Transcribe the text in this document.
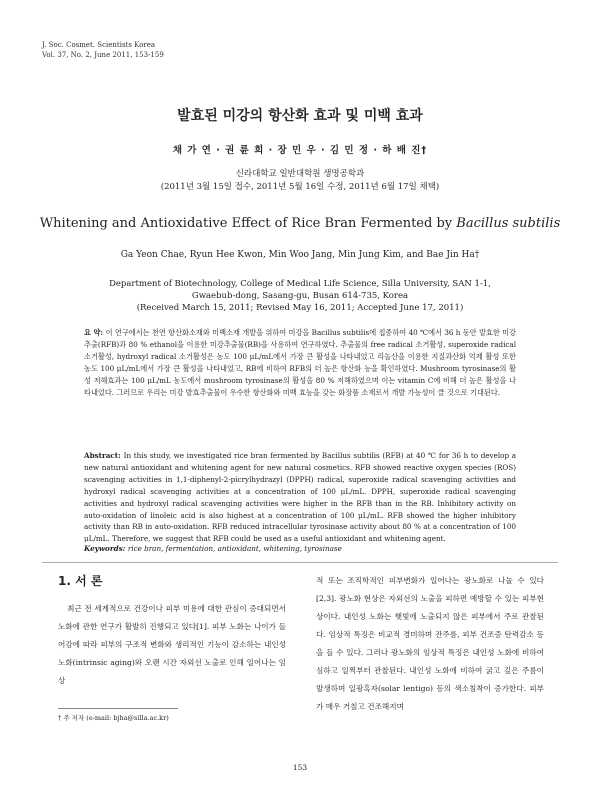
J. Soc. Cosmet. Scientists Korea
Vol. 37, No. 2, June 2011, 153-159
발효된 미강의 항산화 효과 및 미백 효과
채 가 연 · 권 륜 희 · 장 민 우 · 김 민 정 · 하 배 진†
신라대학교 일반대학원 생명공학과
(2011년 3월 15일 접수, 2011년 5월 16일 수정, 2011년 6월 17일 채택)
Whitening and Antioxidative Effect of Rice Bran Fermented by Bacillus subtilis
Ga Yeon Chae, Ryun Hee Kwon, Min Woo Jang, Min Jung Kim, and Bae Jin Ha†
Department of Biotechnology, College of Medical Life Science, Silla University, SAN 1-1,
Gwaebub-dong, Sasang-gu, Busan 614-735, Korea
(Received March 15, 2011; Revised May 16, 2011; Accepted June 17, 2011)
요 약: 이 연구에서는 천연 항산화소재와 미백소재 개발을 위하여 미강을 Bacillus subtilis에 접종하여 40 ℃에서 36 h 동안 발효한 미강추출(RFB)과 80 % ethanol을 이용한 미강추출물(RB)을 사용하여 연구하였다. 추출물의 free radical 소거활성, superoxide radical 소거활성, hydroxyl radical 소거활성은 농도 100 μL/mL에서 가장 큰 활성을 나타내었고 리놀산을 이용한 지질과산화 억제 활성 또한 농도 100 μL/mL에서 가장 큰 활성을 나타내었고, RB에 비하여 RFB의 더 높은 항산화 능을 확인하였다. Mushroom tyrosinase의 활성 저해효과는 100 μL/mL 농도에서 mushroom tyrosinase의 활성을 80 % 저해하였으며 이는 vitamin C에 비해 더 높은 활성을 나타내었다. 그러므로 우리는 미강 발효추출물이 우수한 항산화와 미백 효능을 갖는 화장품 소재로서 개발 가능성이 클 것으로 기대된다.
Abstract: In this study, we investigated rice bran fermented by Bacillus subtilis (RFB) at 40 ℃ for 36 h to develop a new natural antioxidant and whitening agent for new natural cosmetics. RFB showed reactive oxygen species (ROS) scavenging activities in 1,1-diphenyl-2-picrylhydrazyl (DPPH) radical, superoxide radical scavenging activities and hydroxyl radical scavenging activities at a concentration of 100 μL/mL. DPPH, superoxide radical scavenging activities and hydroxyl radical scavenging activities were higher in the RFB than in the RB. Inhibitory activity on auto-oxidation of linoleic acid is also highest at a concentration of 100 μL/mL. RFB showed the higher inhibitory activity than RB in auto-oxidation. RFB reduced intracellular tyrosinase activity about 80 % at a concentration of 100 μL/mL. Therefore, we suggest that RFB could be used as a useful antioxidant and whitening agent.
Keywords: rice bran, fermentation, antioxidant, whitening, tyrosinase
1. 서 론
최근 전 세계적으로 건강이나 피부 미용에 대한 관심이 증대되면서 노화에 관한 연구가 활발히 진행되고 있다[1]. 피부 노화는 나이가 들어감에 따라 피부의 구조적 변화와 생리적인 기능이 감소하는 내인성 노화(intrinsic aging)와 오랜 시간 자외선 노출로 인해 일어나는 임상
적 또는 조직학적인 피부변화가 일어나는 광노화로 나눌 수 있다[2,3]. 광노화 현상은 자외선의 노출을 피하면 예방할 수 있는 피부현상이다. 내인성 노화는 햇빛에 노출되지 않은 피부에서 주로 관찰된다. 임상적 특징은 비교적 경미하며 잔주름, 피부 건조증 탄력감소 등을 들 수 있다. 그러나 광노화의 임상적 특징은 내인성 노화에 비하여 심하고 일찍부터 관찰된다. 내인성 노화에 비하여 굵고 깊은 주름이 발생하며 일광흑자(solar lentigo) 등의 색소침착이 증가한다. 피부가 매우 거칠고 건조해지며
† 주 저자 (e-mail: bjha@silla.ac.kr)
153
